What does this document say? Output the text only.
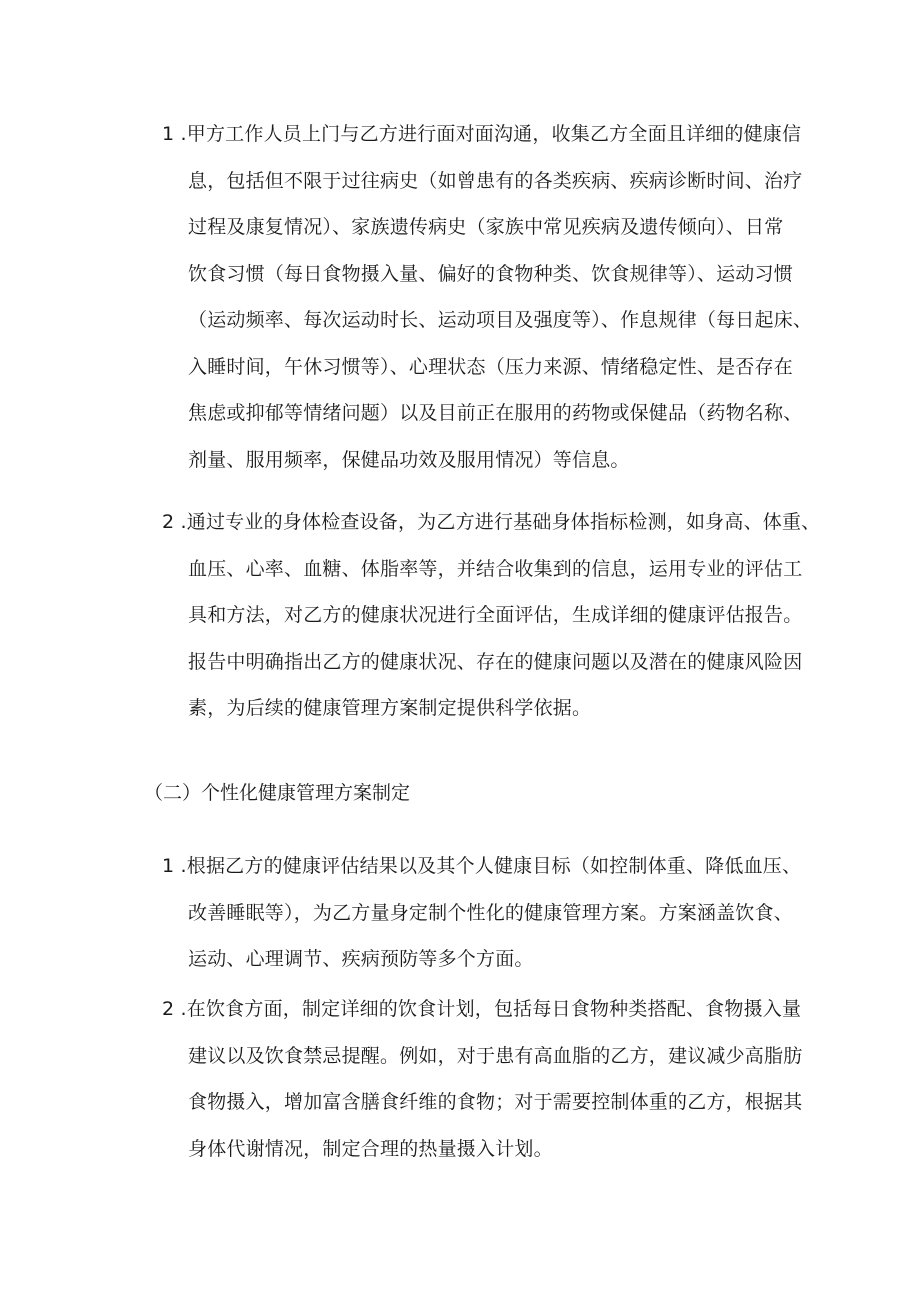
1 .甲方工作人员上门与乙方进行面对面沟通，收集乙方全面且详细的健康信
息，包括但不限于过往病史（如曾患有的各类疾病、疾病诊断时间、治疗
过程及康复情况）、家族遗传病史（家族中常见疾病及遗传倾向）、日常
饮食习惯（每日食物摄入量、偏好的食物种类、饮食规律等）、运动习惯
（运动频率、每次运动时长、运动项目及强度等）、作息规律（每日起床、
入睡时间，午休习惯等）、心理状态（压力来源、情绪稳定性、是否存在
焦虑或抑郁等情绪问题）以及目前正在服用的药物或保健品（药物名称、
剂量、服用频率，保健品功效及服用情况）等信息。
2 .通过专业的身体检查设备，为乙方进行基础身体指标检测，如身高、体重、
血压、心率、血糖、体脂率等，并结合收集到的信息，运用专业的评估工
具和方法，对乙方的健康状况进行全面评估，生成详细的健康评估报告。
报告中明确指出乙方的健康状况、存在的健康问题以及潜在的健康风险因
素，为后续的健康管理方案制定提供科学依据。
（二）个性化健康管理方案制定
1 .根据乙方的健康评估结果以及其个人健康目标（如控制体重、降低血压、
改善睡眠等），为乙方量身定制个性化的健康管理方案。方案涵盖饮食、
运动、心理调节、疾病预防等多个方面。
2 .在饮食方面，制定详细的饮食计划，包括每日食物种类搭配、食物摄入量
建议以及饮食禁忌提醒。例如，对于患有高血脂的乙方，建议减少高脂肪
食物摄入，增加富含膳食纤维的食物；对于需要控制体重的乙方，根据其
身体代谢情况，制定合理的热量摄入计划。
